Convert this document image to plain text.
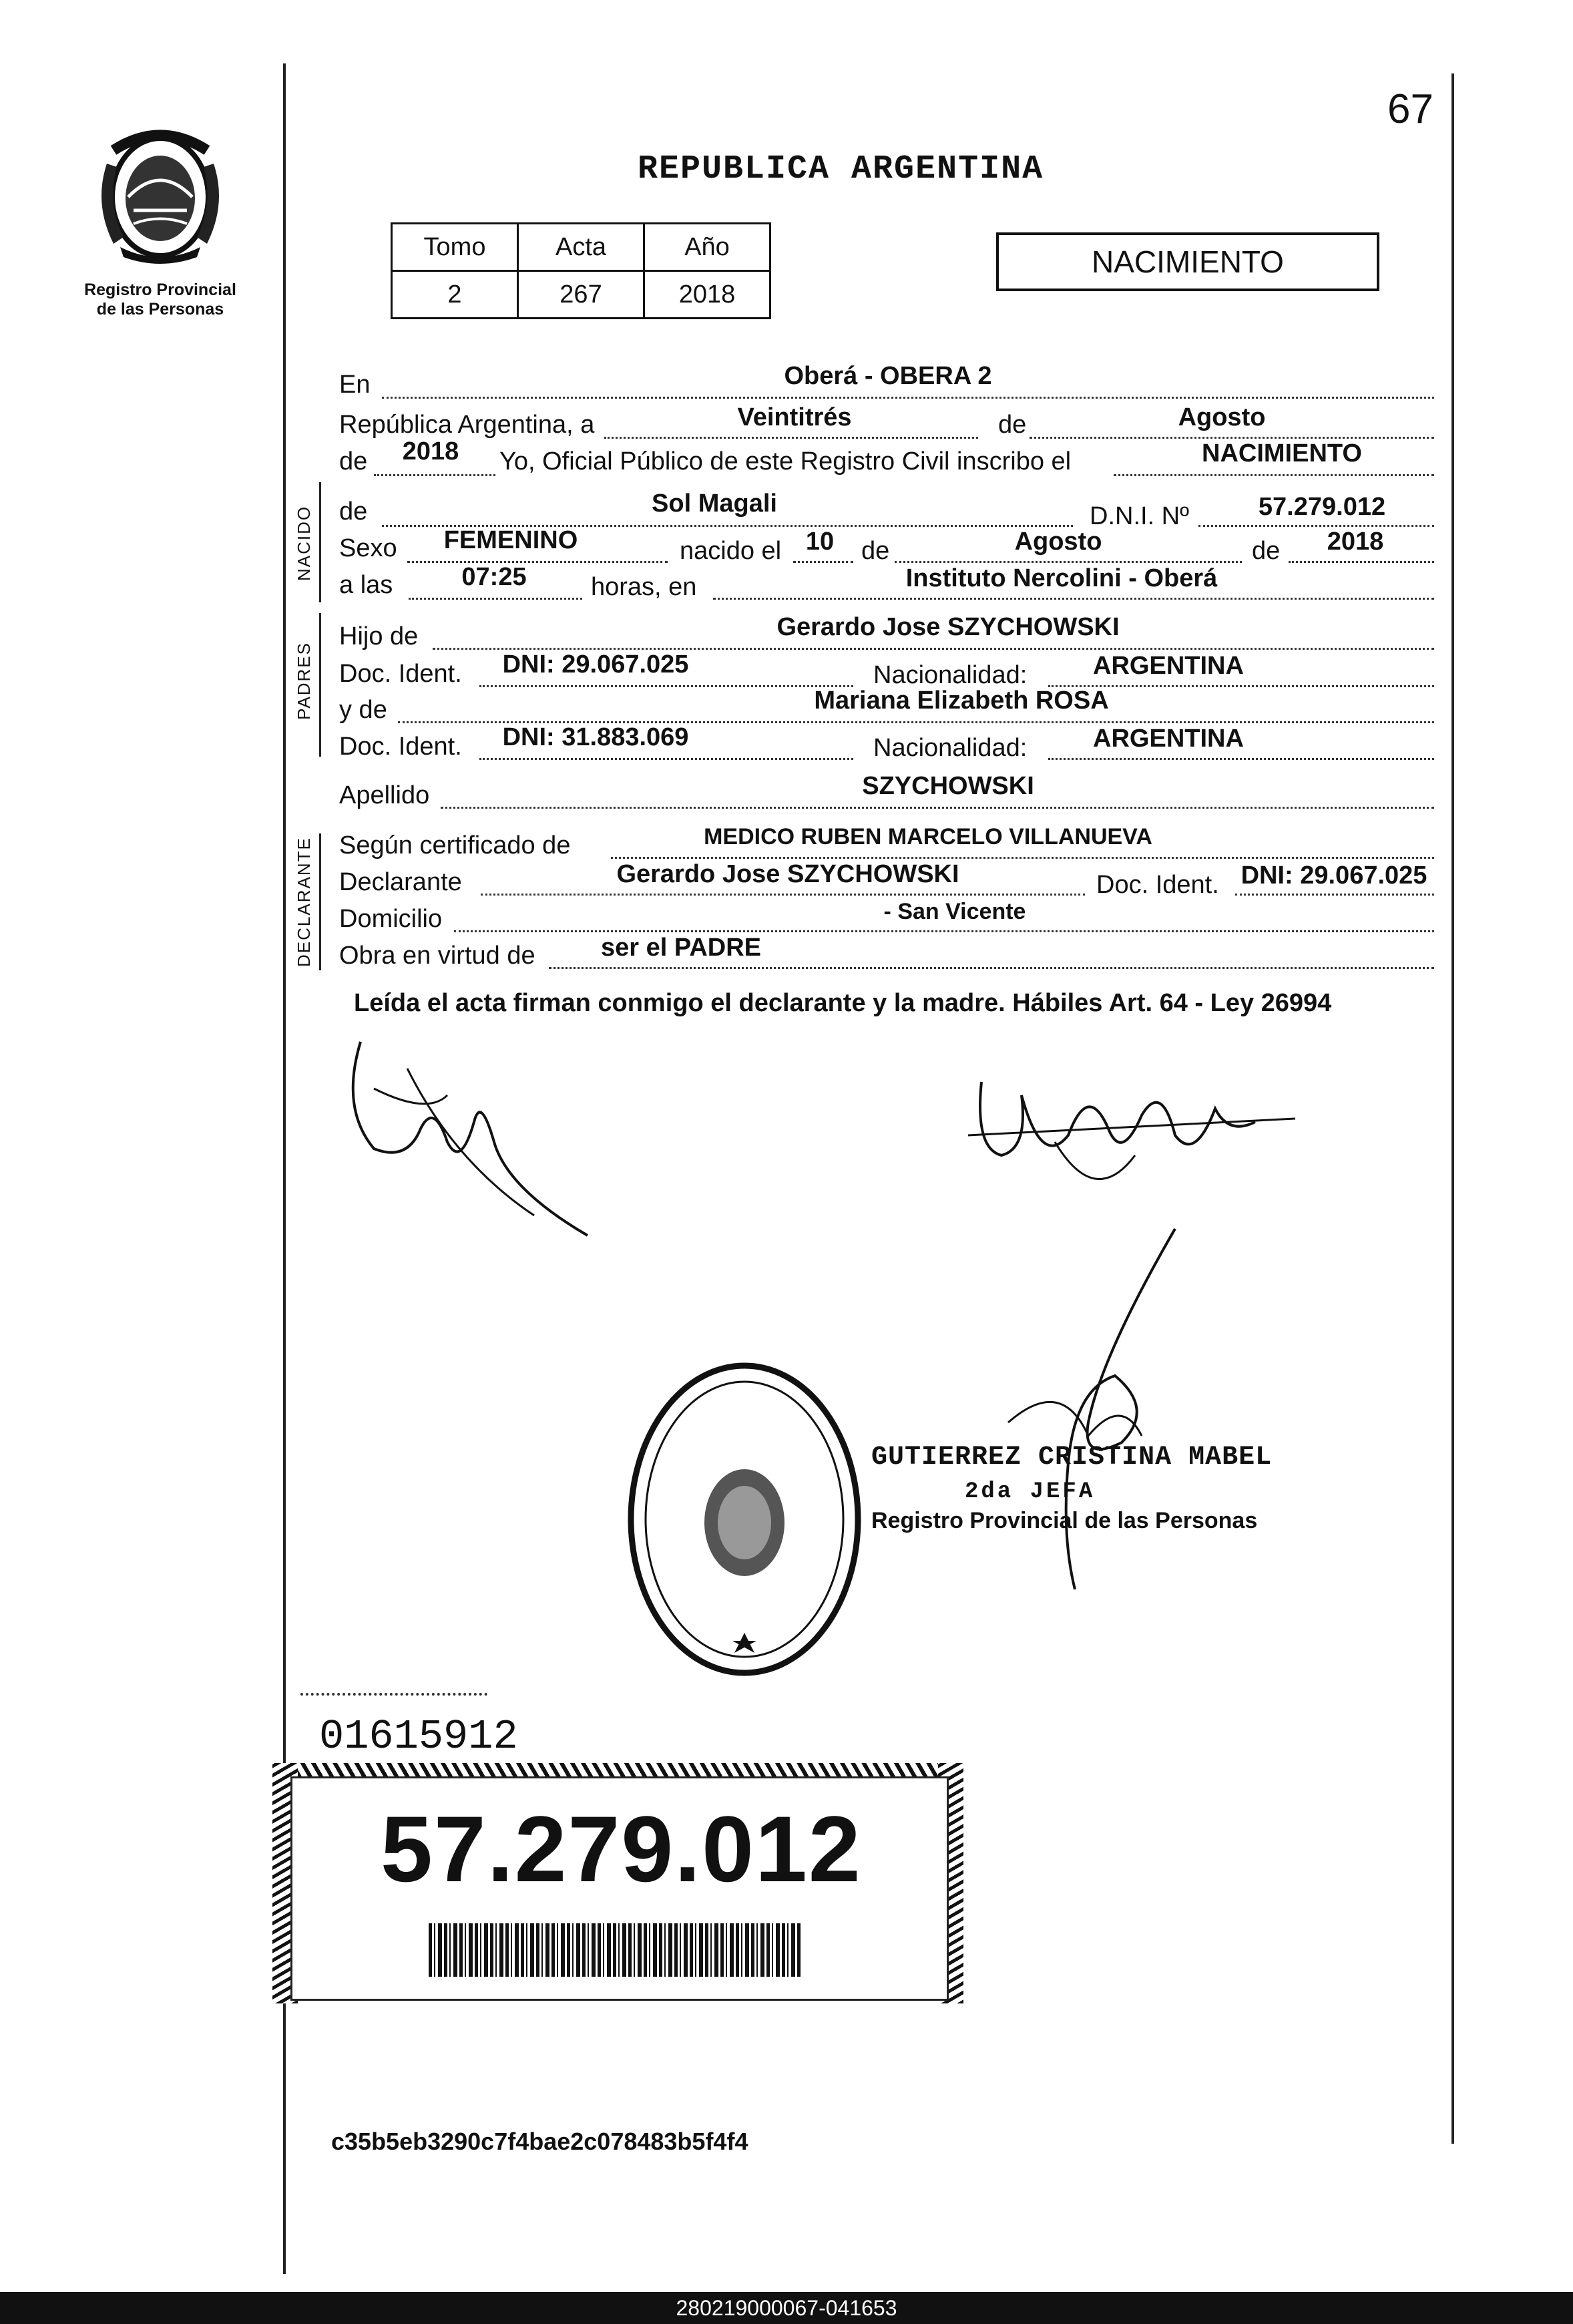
67
Registro Provincial
de las Personas
REPUBLICA ARGENTINA
Tomo	Acta	Año
2	267	2018
NACIMIENTO
En	Oberá - OBERA 2
República Argentina, a	Veintitrés	de	Agosto
de	2018	Yo, Oficial Público de este Registro Civil inscribo el	NACIMIENTO
NACIDO de	Sol Magali	D.N.I. Nº	57.279.012
Sexo	FEMENINO	nacido el 10	de	Agosto	de	2018
a las	07:25	horas, en	Instituto Nercolini - Oberá
PADRES
Hijo de	Gerardo Jose SZYCHOWSKI
Doc. Ident.	DNI: 29.067.025	Nacionalidad:	ARGENTINA
y de	Mariana Elizabeth ROSA
Doc. Ident.	DNI: 31.883.069	Nacionalidad:	ARGENTINA
Apellido	SZYCHOWSKI
DECLARANTE Según certificado de	MEDICO RUBEN MARCELO VILLANUEVA
Declarante	Gerardo Jose SZYCHOWSKI	Doc. Ident. DNI: 29.067.025
Domicilio	- San Vicente
Obra en virtud de	ser el PADRE
Leída el acta firman conmigo el declarante y la madre. Hábiles Art. 64 - Ley 26994
GUTIERREZ CRISTINA MABEL
2da JEFA
Registro Provincial de las Personas
01615912
57.279.012
c35b5eb3290c7f4bae2c078483b5f4f4
280219000067-041653
